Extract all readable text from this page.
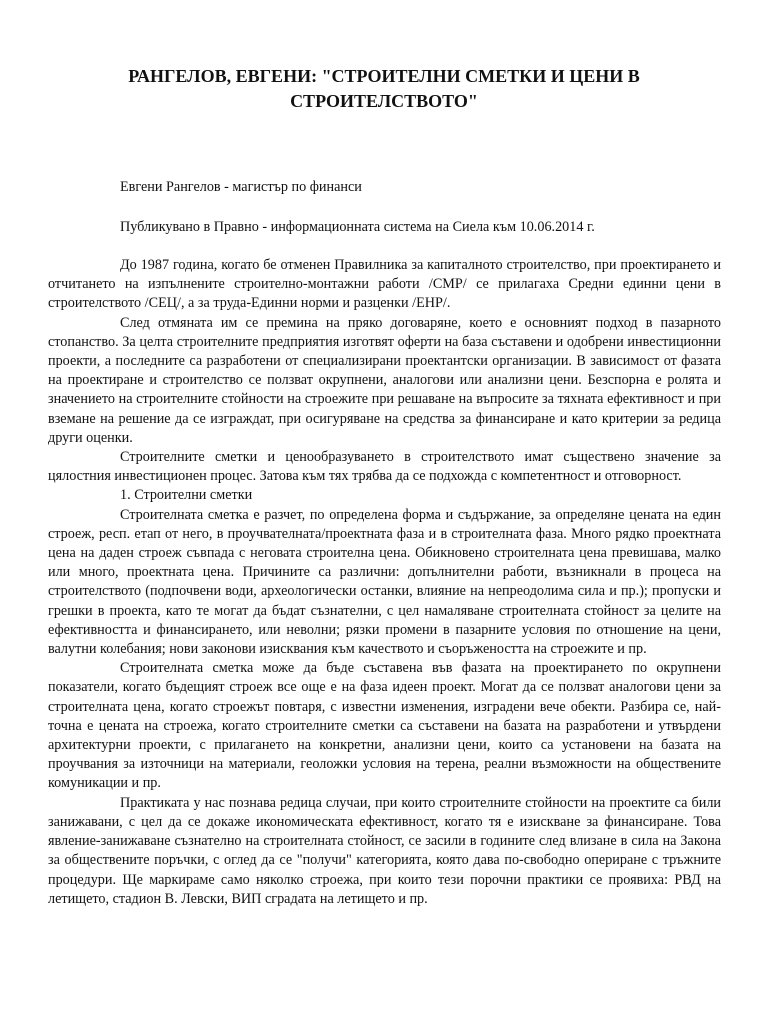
РАНГЕЛОВ, ЕВГЕНИ: "СТРОИТЕЛНИ СМЕТКИ И ЦЕНИ В СТРОИТЕЛСТВОТО"
Евгени Рангелов - магистър по финанси
Публикувано в Правно - информационната система на Сиела към 10.06.2014 г.

До 1987 година, когато бе отменен Правилника за капиталното строителство, при проектирането и отчитането на изпълнените строително-монтажни работи /СМР/ се прилагаха Средни единни цени в строителството /СЕЦ/, а за труда-Единни норми и разценки /ЕНР/.

След отмяната им се премина на пряко договаряне, което е основният подход в пазарното стопанство. За целта строителните предприятия изготвят оферти на база съставени и одобрени инвестиционни проекти, а последните са разработени от специализирани проектантски организации. В зависимост от фазата на проектиране и строителство се ползват окрупнени, аналогови или анализни цени. Безспорна е ролята и значението на строителните стойности на строежите при решаване на въпросите за тяхната ефективност и при вземане на решение да се изграждат, при осигуряване на средства за финансиране и като критерии за редица други оценки.

Строителните сметки и ценообразуването в строителството имат съществено значение за цялостния инвестиционен процес. Затова към тях трябва да се подхожда с компетентност и отговорност.

1. Строителни сметки

Строителната сметка е разчет, по определена форма и съдържание, за определяне цената на един строеж, респ. етап от него, в проучвателната/проектната фаза и в строителната фаза. Много рядко проектната цена на даден строеж съвпада с неговата строителна цена. Обикновено строителната цена превишава, малко или много, проектната цена. Причините са различни: допълнителни работи, възникнали в процеса на строителството (подпочвени води, археологически останки, влияние на непреодолима сила и пр.); пропуски и грешки в проекта, като те могат да бъдат съзнателни, с цел намаляване строителната стойност за целите на ефективността и финансирането, или неволни; рязки промени в пазарните условия по отношение на цени, валутни колебания; нови законови изисквания към качеството и съоръжеността на строежите и пр.

Строителната сметка може да бъде съставена във фазата на проектирането по окрупнени показатели, когато бъдещият строеж все още е на фаза идеен проект. Могат да се ползват аналогови цени за строителната цена, когато строежът повтаря, с известни изменения, изградени вече обекти. Разбира се, най-точна е цената на строежа, когато строителните сметки са съставени на базата на разработени и утвърдени архитектурни проекти, с прилагането на конкретни, анализни цени, които са установени на базата на проучвания за източници на материали, геоложки условия на терена, реални възможности на обществените комуникации и пр.

Практиката у нас познава редица случаи, при които строителните стойности на проектите са били занижавани, с цел да се докаже икономическата ефективност, когато тя е изискване за финансиране. Това явление-занижаване съзнателно на строителната стойност, се засили в годините след влизане в сила на Закона за обществените поръчки, с оглед да се "получи" категорията, която дава по-свободно опериране с тръжните процедури. Ще маркираме само няколко строежа, при които тези порочни практики се проявиха: РВД на летището, стадион В. Левски, ВИП сградата на летището и пр.
